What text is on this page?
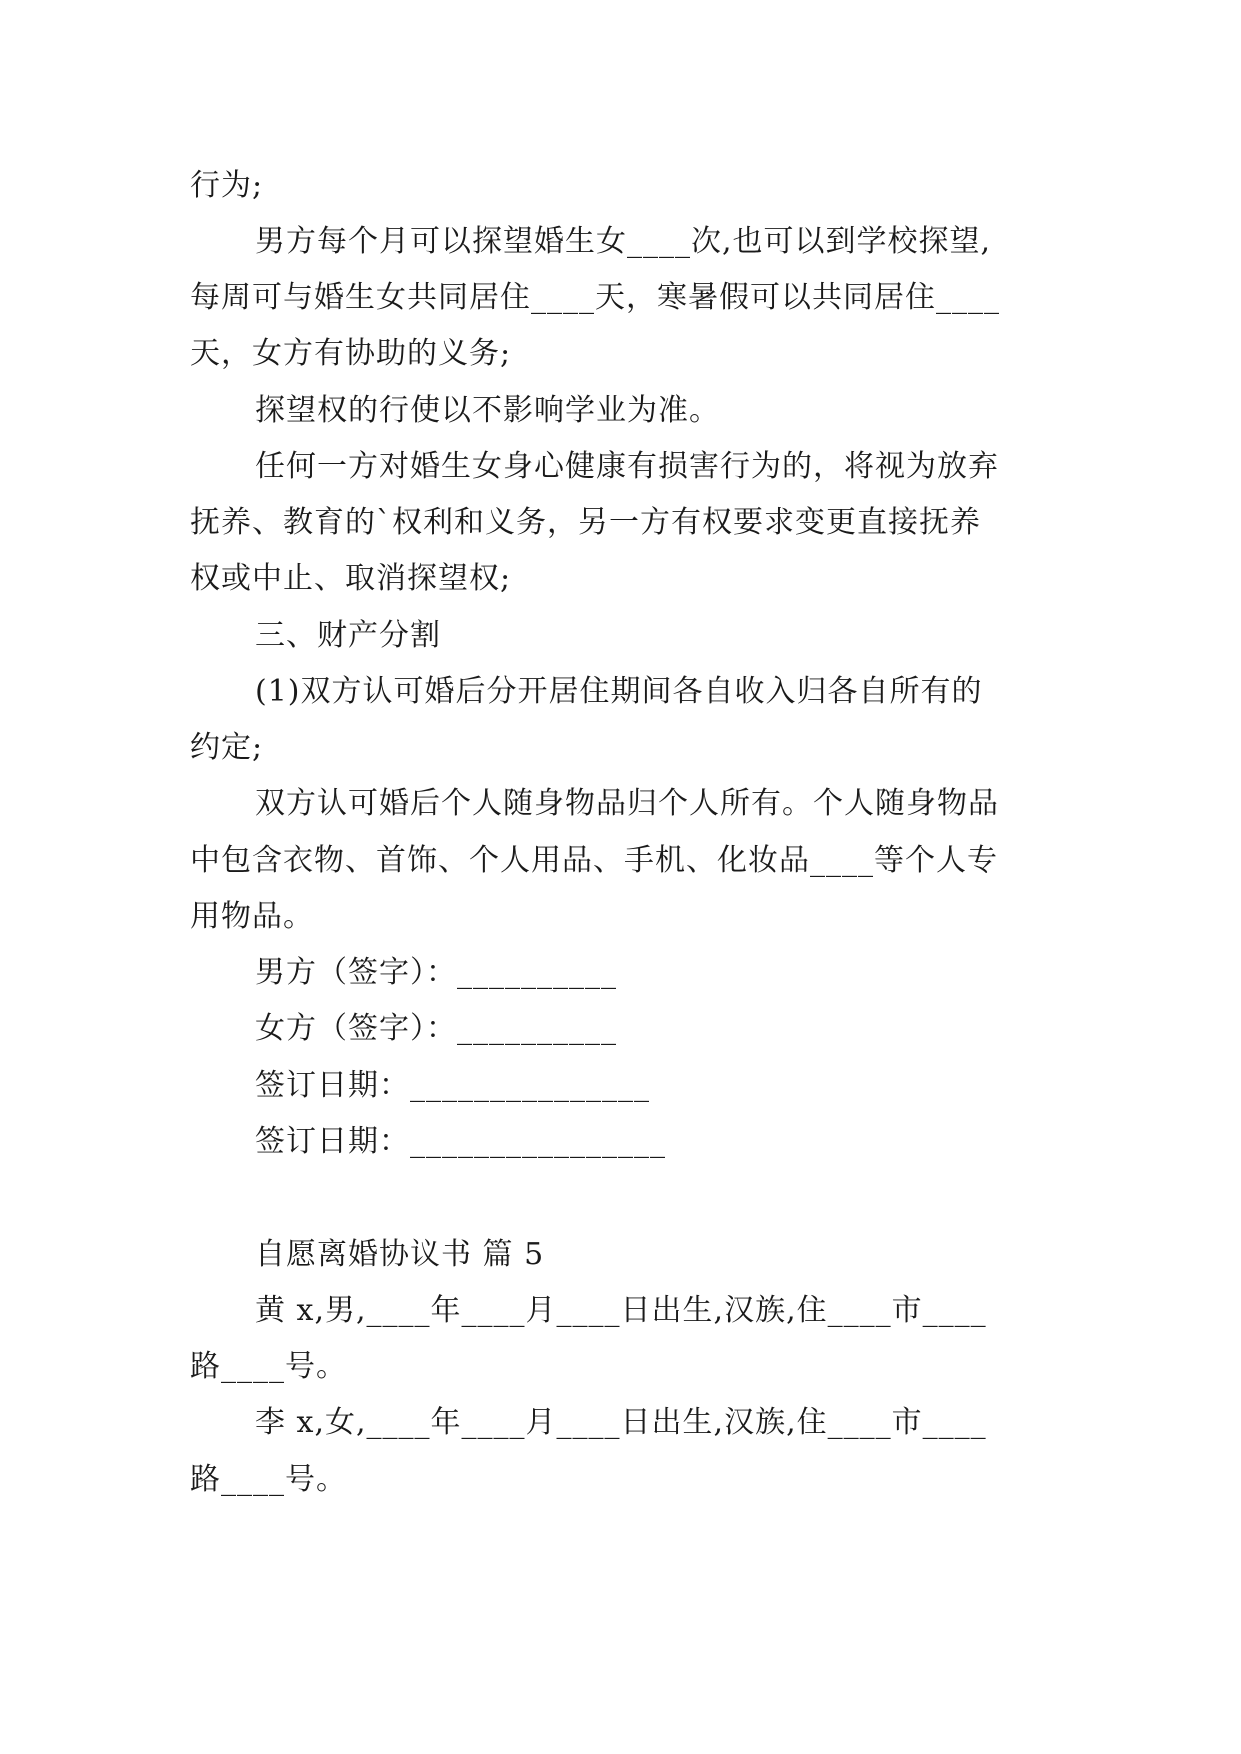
行为;
男方每个月可以探望婚生女____次,也可以到学校探望,
每周可与婚生女共同居住____天，寒暑假可以共同居住____
天，女方有协助的义务;
探望权的行使以不影响学业为准。
任何一方对婚生女身心健康有损害行为的，将视为放弃
抚养、教育的`权利和义务，另一方有权要求变更直接抚养
权或中止、取消探望权;
三、财产分割
(1)双方认可婚后分开居住期间各自收入归各自所有的
约定;
双方认可婚后个人随身物品归个人所有。个人随身物品
中包含衣物、首饰、个人用品、手机、化妆品____等个人专
用物品。
男方（签字）：__________
女方（签字）：__________
签订日期：_______________
签订日期：________________
自愿离婚协议书 篇 5
黄 x,男,____年____月____日出生,汉族,住____市____
路____号。
李 x,女,____年____月____日出生,汉族,住____市____
路____号。
